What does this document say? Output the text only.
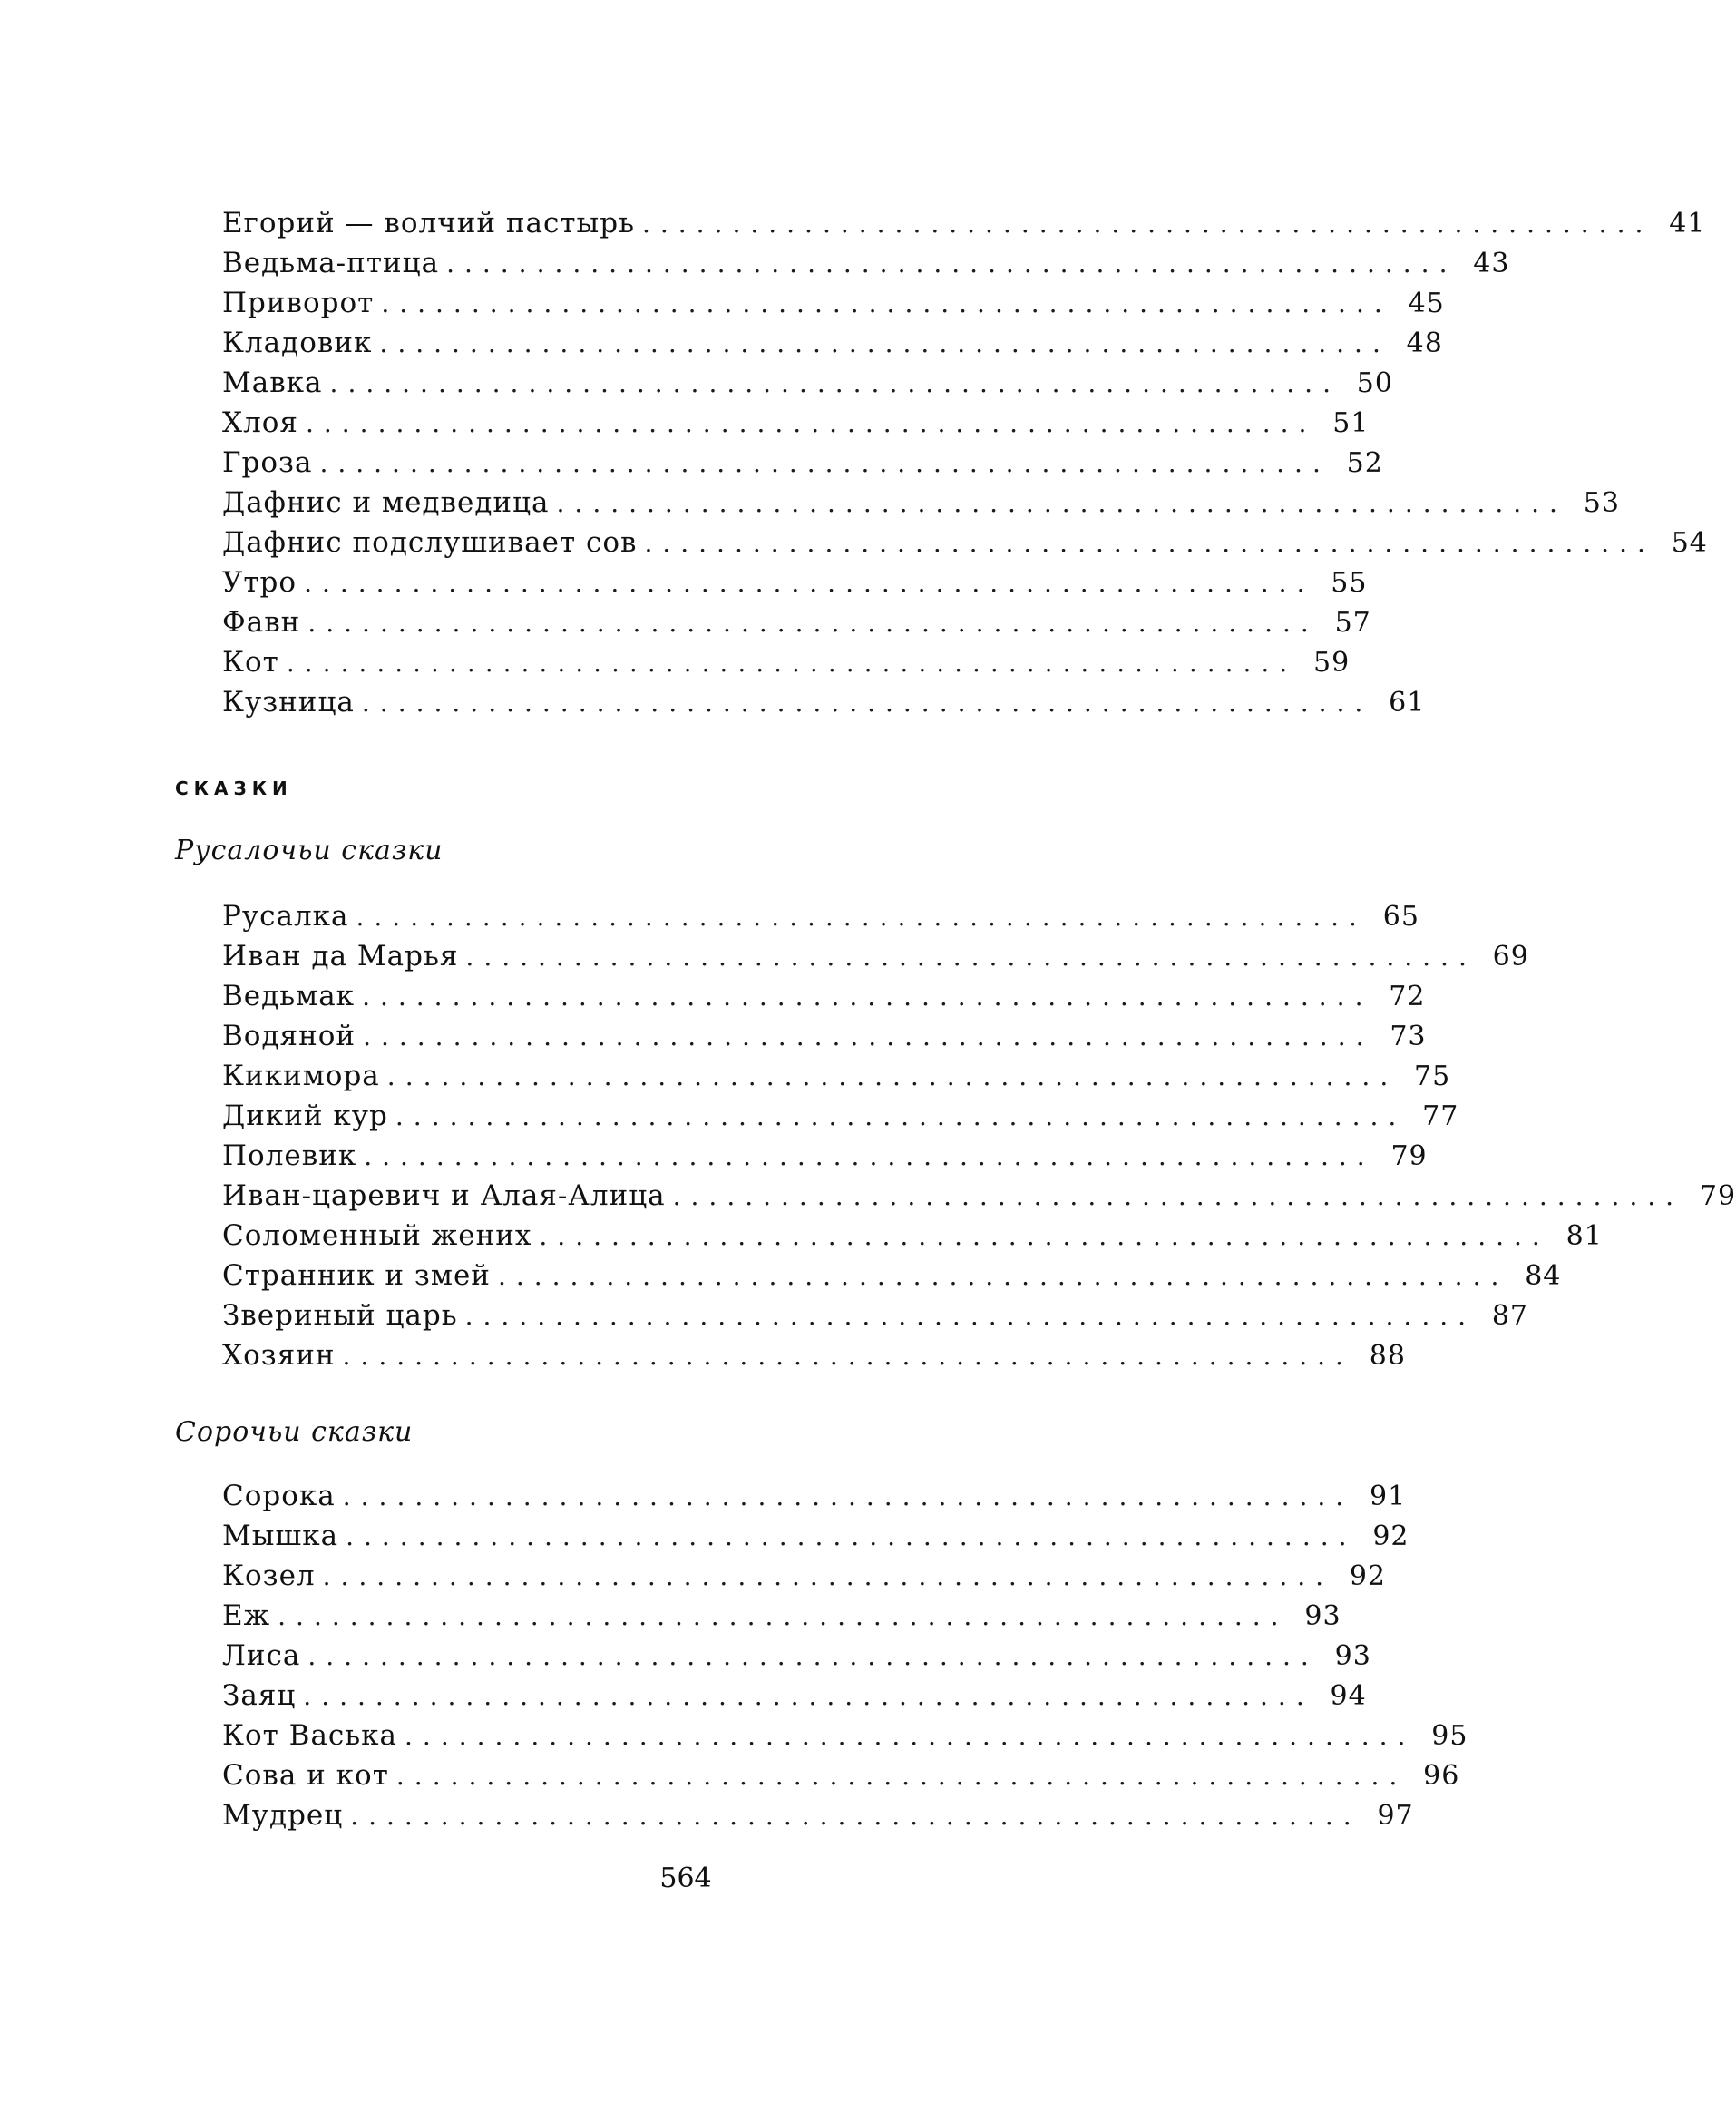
Егорий — волчий пастырь ........................................................ 41
Ведьма-птица ........................................................ 43
Приворот ........................................................ 45
Кладовик ........................................................ 48
Мавка ........................................................ 50
Хлоя ........................................................ 51
Гроза ........................................................ 52
Дафнис и медведица ........................................................ 53
Дафнис подслушивает сов ........................................................ 54
Утро ........................................................ 55
Фавн ........................................................ 57
Кот ........................................................ 59
Кузница ........................................................ 61
СКАЗКИ
Русалочьи сказки
Русалка ........................................................ 65
Иван да Марья ........................................................ 69
Ведьмак ........................................................ 72
Водяной ........................................................ 73
Кикимора ........................................................ 75
Дикий кур ........................................................ 77
Полевик ........................................................ 79
Иван-царевич и Алая-Алица ........................................................ 79
Соломенный жених ........................................................ 81
Странник и змей ........................................................ 84
Звериный царь ........................................................ 87
Хозяин ........................................................ 88
Сорочьи сказки
Сорока ........................................................ 91
Мышка ........................................................ 92
Козел ........................................................ 92
Еж ........................................................ 93
Лиса ........................................................ 93
Заяц ........................................................ 94
Кот Васька ........................................................ 95
Сова и кот ........................................................ 96
Мудрец ........................................................ 97
564
